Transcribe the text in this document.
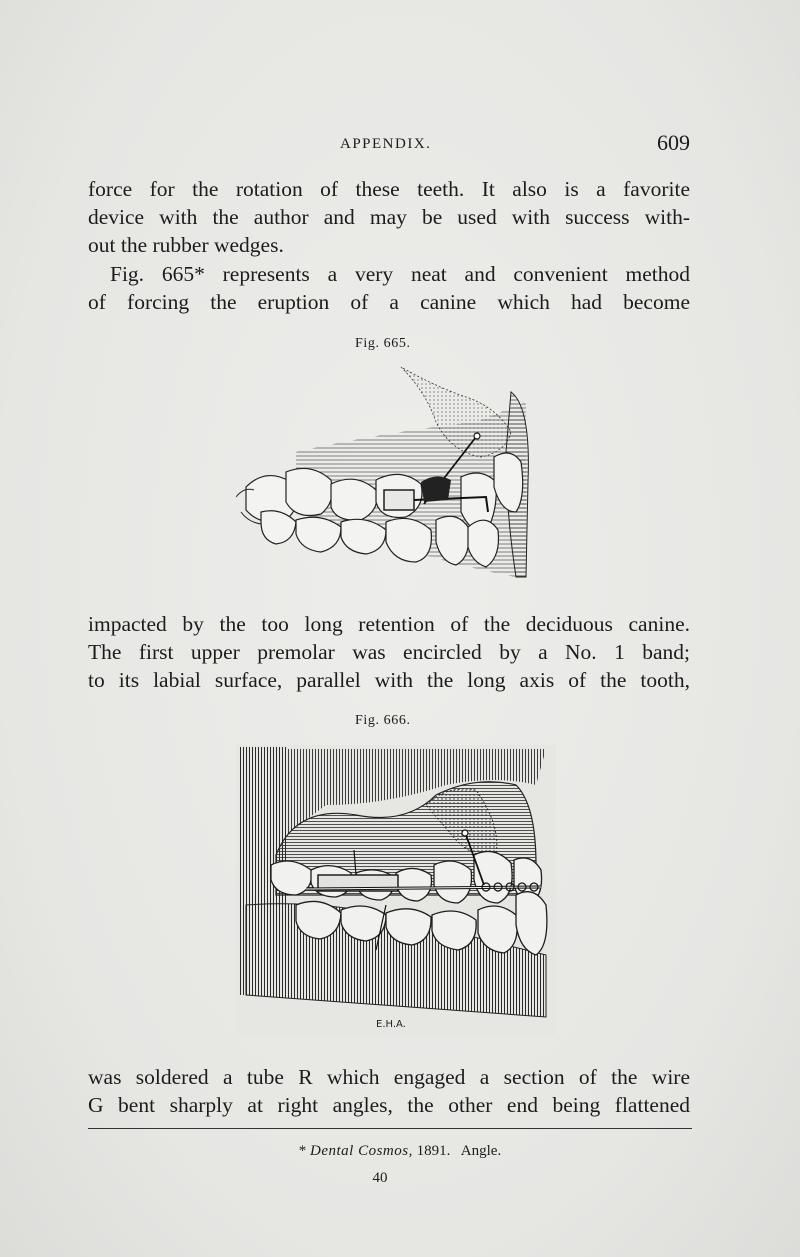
APPENDIX.	609

force for the rotation of these teeth. It also is a favorite
device with the author and may be used with success with-
out the rubber wedges.

Fig. 665* represents a very neat and convenient method
of forcing the eruption of a canine which had become

Fig. 665.

impacted by the too long retention of the deciduous canine.
The first upper premolar was encircled by a No. 1 band;
to its labial surface, parallel with the long axis of the tooth,

Fig. 666.
E.H.A.

was soldered a tube R which engaged a section of the wire
G bent sharply at right angles, the other end being flattened

* Dental Cosmos, 1891. Angle.
40
